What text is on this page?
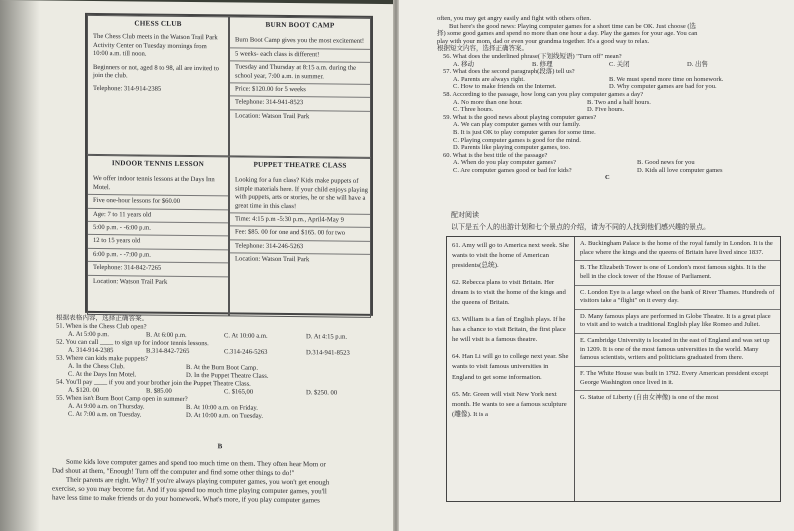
CHESS CLUB

The Chess Club meets in the Watson Trail Park Activity Center on Tuesday mornings from 10:00 a.m. till noon.

Beginners or not, aged 8 to 98, all are invited to join the club.

Telephone: 314-914-2385

BURN BOOT CAMP

Burn Boot Camp gives you the most excitement!

5 weeks- each class is different!

Tuesday and Thursday at 8:15 a.m. during the school year, 7:00 a.m. in summer.

Price: $120.00 for 5 weeks

Telephone: 314-941-8523

Location: Watson Trail Park

INDOOR TENNIS LESSON

We offer indoor tennis lessons at the Days Inn Motel.

Five one-hour lessons for $60.00

Age: 7 to 11 years old

5:00 p.m. - -6:00 p.m.

12 to 15 years old

6:00 p.m. - -7:00 p.m.

Telephone: 314-842-7265

Location: Watson Trail Park

PUPPET THEATRE CLASS

Looking for a fun class? Kids make puppets of simple materials here. If your child enjoys playing with puppets, arts or stories, he or she will have a great time in this class!

Time: 4:15 p.m -5:30 p.m., April4-May 9

Fee: $85. 00 for one and $165. 00 for two

Telephone: 314-246-5263

Location: Watson Trail Park

根据表格内容，选择正确答案。
51. When is the Chess Club open?
A. At 5:00 p.m.	B. At 6:00 p.m.	C. At 10:00 a.m.	D. At 4:15 p.m.
52. You can call ____ to sign up for indoor tennis lessons.
A. 314-914-2385	B.314-842-7265	C.314-246-5263	D.314-941-8523
53. Where can kids make puppets?
A. In the Chess Club.	B. At the Burn Boot Camp.
C. At the Days Inn Motel.	D. In the Puppet Theatre Class.
54. You'll pay ____ if you and your brother join the Puppet Theatre Class.
A. $120. 00	B. $85.00	C. $165,00	D. $250. 00
55. When isn't Burn Boot Camp open in summer?
A. At 9:00 a.m. on Thursday.	B. At 10:00 a.m. on Friday.
C. At 7:00 a.m. on Tuesday.	D. At 10:00 a.m. on Tuesday.
B
Some kids love computer games and spend too much time on them. They often hear Mom or
Dad shout at them, "Enough! Turn off the computer and find some other things to do!"
Their parents are right. Why? If you're always playing computer games, you won't get enough
exercise, so you may become fat. And if you spend too much time playing computer games, you'll
have less time to make friends or do your homework. What's more, if you play computer games
often, you may get angry easily and fight with others often.
But here's the good news: Playing computer games for a short time can be OK. Just choose (选
择) some good games and spend no more than one hour a day. Play the games for your age. You can
play with your mom, dad or even your grandma together. It's a good way to relax.
根据短文内容，选择正确答案。
56. What does the underlined phrase(下划线短语) "Turn off" mean?
A. 移动	B. 修理	C. 关闭	D. 出售
57. What does the second paragraph(段落) tell us?
A. Parents are always right.	B. We must spend more time on homework.
C. How to make friends on the Internet.	D. Why computer games are bad for you.
58. According to the passage, how long can you play computer games a day?
A. No more than one hour.	B. Two and a half hours.
C. Three hours.	D. Five hours.
59. What is the good news about playing computer games?
A. We can play computer games with our family.
B. It is just OK to play computer games for some time.
C. Playing computer games is good for the mind.
D. Parents like playing computer games, too.
60. What is the best title of the passage?
A. When do you play computer games?	B. Good news for you
C. Are computer games good or bad for kids?	D. Kids all love computer games
C
配对阅读
以下是五个人的出游计划和七个景点的介绍，请为不同的人找到他们感兴趣的景点。

61. Amy will go to America next week. She wants to visit the home of American presidents(总统).

62. Rebecca plans to visit Britain. Her dream is to visit the home of the kings and the queens of Britain.

63. William is a fan of English plays. If he has a chance to visit Britain, the first place he will visit is a famous theatre.

64. Han Li will go to college next year. She wants to visit famous universities in England to get some information.

65. Mr. Green will visit New York next month. He wants to see a famous sculpture (雕像). It is a

A. Buckingham Palace is the home of the royal family in London. It is the place where the kings and the queens of Britain have lived since 1837.

B. The Elizabeth Tower is one of London's most famous sights. It is the bell in the clock tower of the House of Parliament.

C. London Eye is a large wheel on the bank of River Thames. Hundreds of visitors take a "flight" on it every day.

D. Many famous plays are performed in Globe Theatre. It is a great place to visit and to watch a traditional English play like Romeo and Juliet.

E. Cambridge University is located in the east of England and was set up in 1209. It is one of the most famous universities in the world. Many famous scientists, writers and politicians graduated from there.

F. The White House was built in 1792. Every American president except George Washington once lived in it.

G. Statue of Liberty (自由女神像) is one of the most
